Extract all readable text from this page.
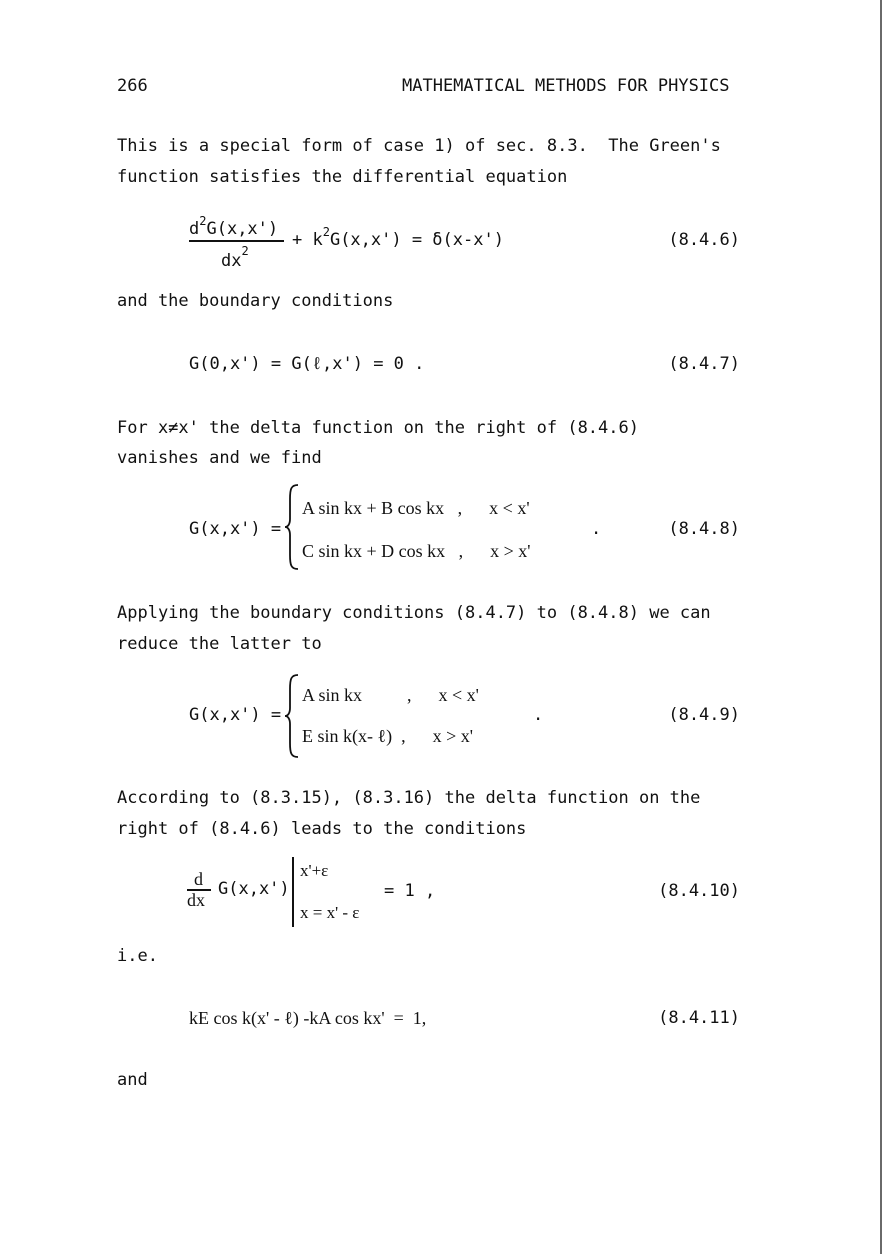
266	MATHEMATICAL METHODS FOR PHYSICS
This is a special form of case 1) of sec. 8.3.  The Green's
function satisfies the differential equation
$d^2G(x,x')$
$dx^2$
+ $k^2G(x,x') = \delta(x-x')$	(8.4.6)
and the boundary conditions
G(0,x') = G(ℓ,x') = 0 .	(8.4.7)
For x≠x' the delta function on the right of (8.4.6)
vanishes and we find
G(x,x') =
A sin kx + B cos kx   ,      x < x'
C sin kx + D cos kx   ,      x > x'
.	(8.4.8)
Applying the boundary conditions (8.4.7) to (8.4.8) we can
reduce the latter to
G(x,x') =
A sin kx          ,      x < x'
E sin k(x- ℓ)  ,      x > x'
.	(8.4.9)
According to (8.3.15), (8.3.16) the delta function on the
right of (8.4.6) leads to the conditions
d
dx
G(x,x')
x'+ε
x = x' - ε
= 1 ,	(8.4.10)
i.e.
kE cos k(x' - ℓ) -kA cos kx'  =  1,	(8.4.11)
and
